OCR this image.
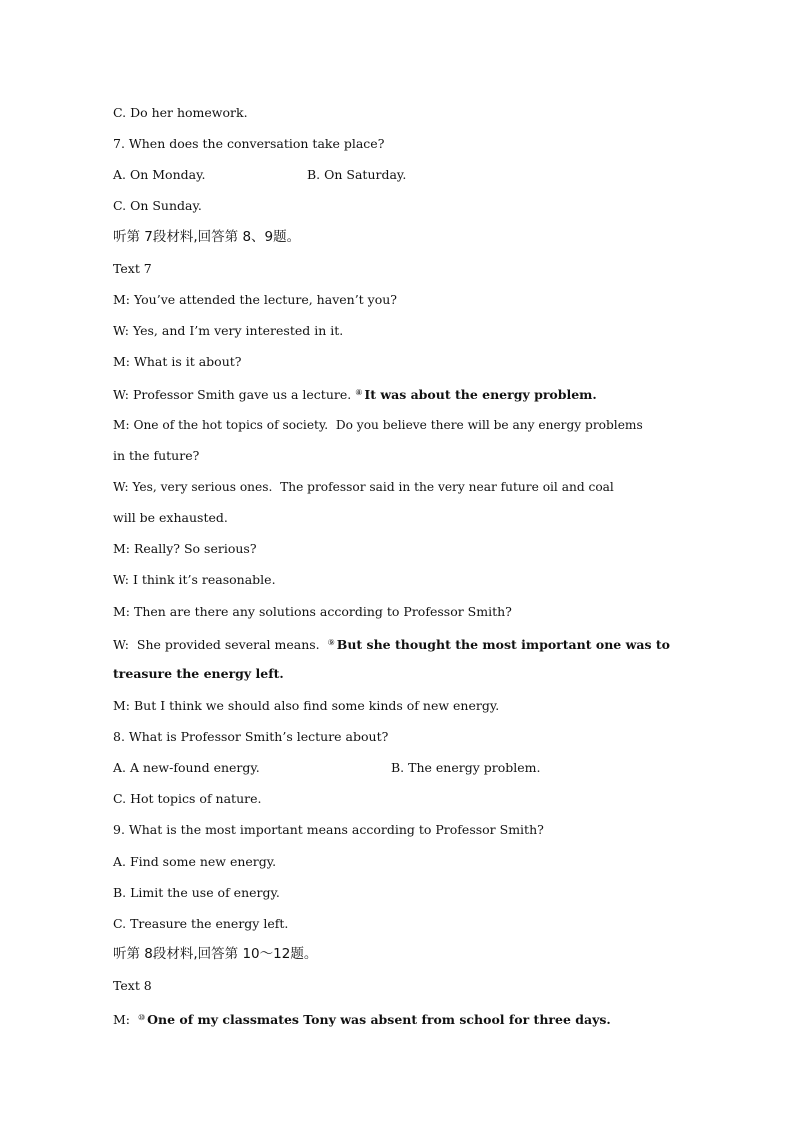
C. Do her homework.
7. When does the conversation take place?
A. On Monday.	B. On Saturday.
C. On Sunday.
听第 7段材料,回答第 8、9题。
Text 7
M: You’ve attended the lecture, haven’t you?
W: Yes, and I’m very interested in it.
M: What is it about?
W: Professor Smith gave us a lecture. ⑧ It was about the energy problem.
M: One of the hot topics of society.  Do you believe there will be any energy problems
in the future?
W: Yes, very serious ones.  The professor said in the very near future oil and coal
will be exhausted.
M: Really? So serious?
W: I think it’s reasonable.
M: Then are there any solutions according to Professor Smith?
W:  She provided several means.  ⑨ But she thought the most important one was to
treasure the energy left.
M: But I think we should also find some kinds of new energy.
8. What is Professor Smith’s lecture about?
A. A new-found energy.	B. The energy problem.
C. Hot topics of nature.
9. What is the most important means according to Professor Smith?
A. Find some new energy.
B. Limit the use of energy.
C. Treasure the energy left.
听第 8段材料,回答第 10～12题。
Text 8
M:  ⑩ One of my classmates Tony was absent from school for three days.
